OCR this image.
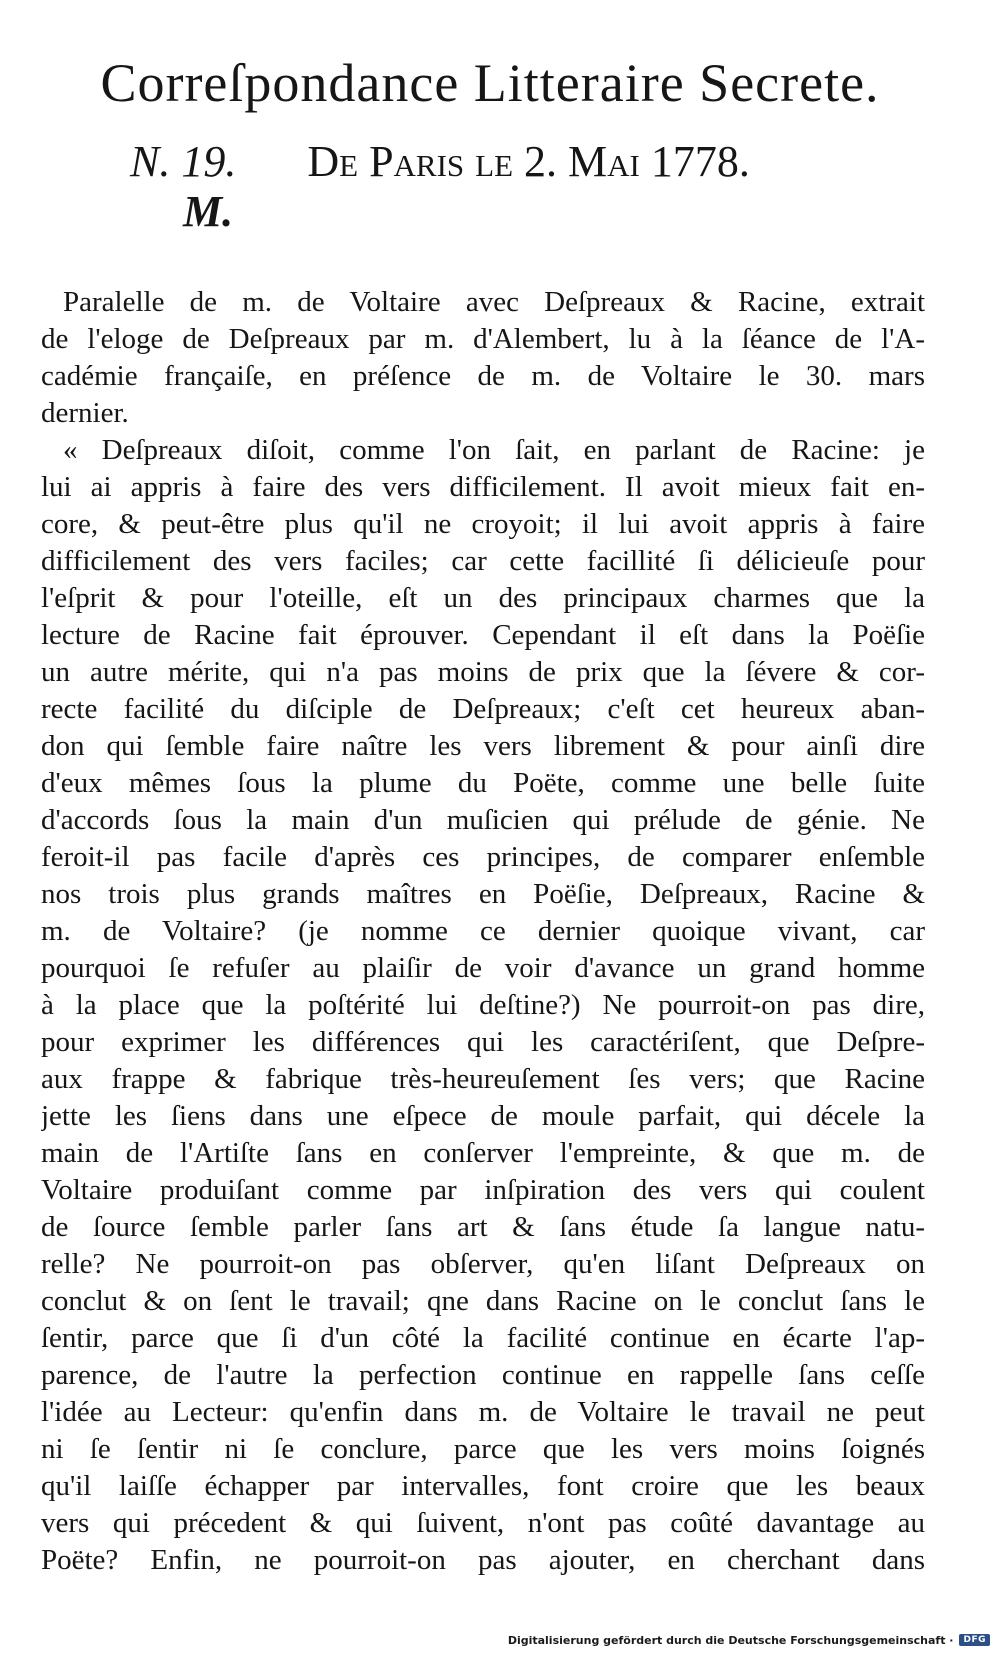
Correſpondance Litteraire Secrete.
N. 19. De Paris le 2. Mai 1778.
M.
Paralelle de m. de Voltaire avec Deſpreaux & Racine, extrait
de l'eloge de Deſpreaux par m. d'Alembert, lu à la ſéance de l'A-
cadémie françaiſe, en préſence de m. de Voltaire le 30. mars
dernier.
« Deſpreaux diſoit, comme l'on ſait, en parlant de Racine: je
lui ai appris à faire des vers difficilement. Il avoit mieux fait en-
core, & peut-être plus qu'il ne croyoit; il lui avoit appris à faire
difficilement des vers faciles; car cette facillité ſi délicieuſe pour
l'eſprit & pour l'oteille, eſt un des principaux charmes que la
lecture de Racine fait éprouver. Cependant il eſt dans la Poëſie
un autre mérite, qui n'a pas moins de prix que la ſévere & cor-
recte facilité du diſciple de Deſpreaux; c'eſt cet heureux aban-
don qui ſemble faire naître les vers librement & pour ainſi dire
d'eux mêmes ſous la plume du Poëte, comme une belle ſuite
d'accords ſous la main d'un muſicien qui prélude de génie. Ne
feroit-il pas facile d'après ces principes, de comparer enſemble
nos trois plus grands maîtres en Poëſie, Deſpreaux, Racine &
m. de Voltaire? (je nomme ce dernier quoique vivant, car
pourquoi ſe refuſer au plaiſir de voir d'avance un grand homme
à la place que la poſtérité lui deſtine?) Ne pourroit-on pas dire,
pour exprimer les différences qui les caractériſent, que Deſpre-
aux frappe & fabrique très-heureuſement ſes vers; que Racine
jette les ſiens dans une eſpece de moule parfait, qui décele la
main de l'Artiſte ſans en conſerver l'empreinte, & que m. de
Voltaire produiſant comme par inſpiration des vers qui coulent
de ſource ſemble parler ſans art & ſans étude ſa langue natu-
relle? Ne pourroit-on pas obſerver, qu'en liſant Deſpreaux on
conclut & on ſent le travail; qne dans Racine on le conclut ſans le
ſentir, parce que ſi d'un côté la facilité continue en écarte l'ap-
parence, de l'autre la perfection continue en rappelle ſans ceſſe
l'idée au Lecteur: qu'enfin dans m. de Voltaire le travail ne peut
ni ſe ſentir ni ſe conclure, parce que les vers moins ſoignés
qu'il laiſſe échapper par intervalles, font croire que les beaux
vers qui précedent & qui ſuivent, n'ont pas coûté davantage au
Poëte? Enfin, ne pourroit-on pas ajouter, en cherchant dans
Digitalisierung gefördert durch die Deutsche Forschungsgemeinschaft ·	DFG
